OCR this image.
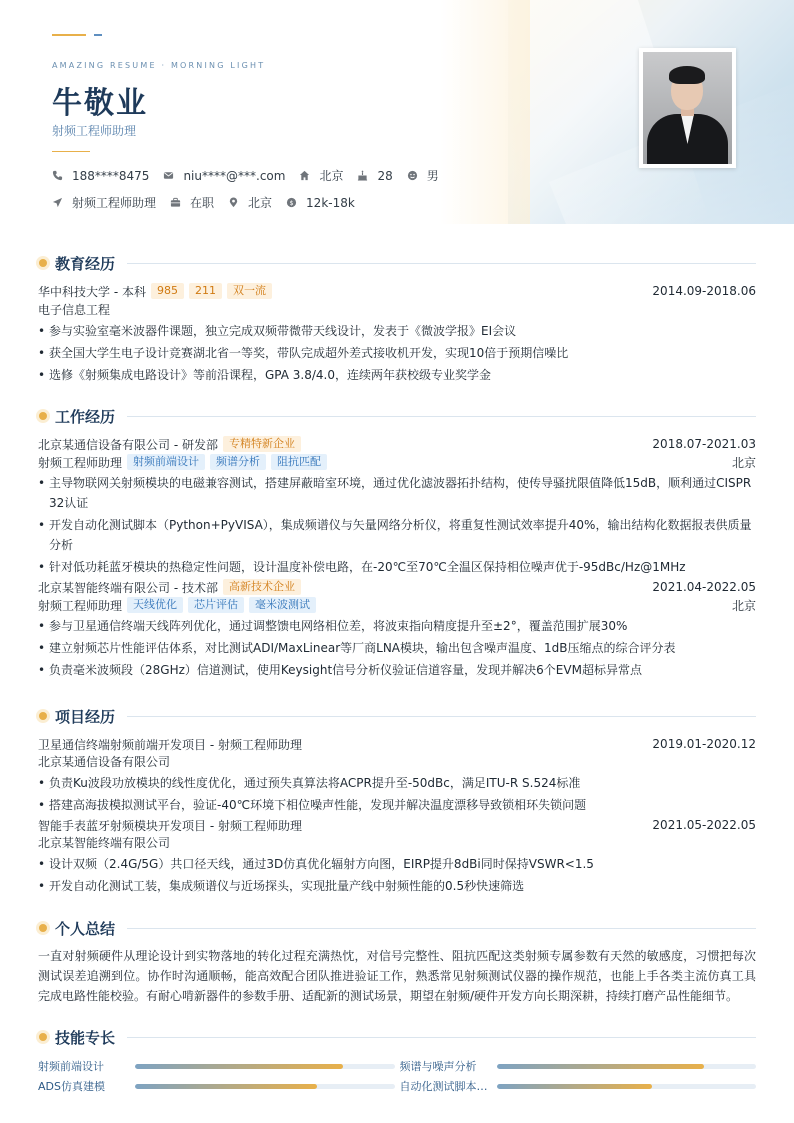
AMAZING RESUME · MORNING LIGHT
牛敬业
射频工程师助理
188****8475	niu****@***.com	北京	28	男
射频工程师助理	在职	北京 $ 12k-18k
教育经历
华中科技大学 - 本科	985	211	双一流	2014.09-2018.06
电子信息工程
• 参与实验室毫米波器件课题，独立完成双频带微带天线设计，发表于《微波学报》EI会议
• 获全国大学生电子设计竞赛湖北省一等奖，带队完成超外差式接收机开发，实现10倍于预期信噪比
• 选修《射频集成电路设计》等前沿课程，GPA 3.8/4.0，连续两年获校级专业奖学金
工作经历
北京某通信设备有限公司 - 研发部	专精特新企业	2018.07-2021.03
射频工程师助理	射频前端设计	频谱分析	阻抗匹配	北京
• 主导物联网关射频模块的电磁兼容测试，搭建屏蔽暗室环境，通过优化滤波器拓扑结构，使传导骚扰限值降低15dB，顺利通过CISPR 32认证
• 开发自动化测试脚本（Python+PyVISA），集成频谱仪与矢量网络分析仪，将重复性测试效率提升40%，输出结构化数据报表供质量分析
• 针对低功耗蓝牙模块的热稳定性问题，设计温度补偿电路，在-20℃至70℃全温区保持相位噪声优于-95dBc/Hz@1MHz
北京某智能终端有限公司 - 技术部	高新技术企业	2021.04-2022.05
射频工程师助理	天线优化	芯片评估	毫米波测试	北京
• 参与卫星通信终端天线阵列优化，通过调整馈电网络相位差，将波束指向精度提升至±2°，覆盖范围扩展30%
• 建立射频芯片性能评估体系，对比测试ADI/MaxLinear等厂商LNA模块，输出包含噪声温度、1dB压缩点的综合评分表
• 负责毫米波频段（28GHz）信道测试，使用Keysight信号分析仪验证信道容量，发现并解决6个EVM超标异常点
项目经历
卫星通信终端射频前端开发项目 - 射频工程师助理	2019.01-2020.12
北京某通信设备有限公司
• 负责Ku波段功放模块的线性度优化，通过预失真算法将ACPR提升至-50dBc，满足ITU-R S.524标准
• 搭建高海拔模拟测试平台，验证-40℃环境下相位噪声性能，发现并解决温度漂移导致锁相环失锁问题
智能手表蓝牙射频模块开发项目 - 射频工程师助理	2021.05-2022.05
北京某智能终端有限公司
• 设计双频（2.4G/5G）共口径天线，通过3D仿真优化辐射方向图，EIRP提升8dBi同时保持VSWR<1.5
• 开发自动化测试工装，集成频谱仪与近场探头，实现批量产线中射频性能的0.5秒快速筛选
个人总结
一直对射频硬件从理论设计到实物落地的转化过程充满热忱，对信号完整性、阻抗匹配这类射频专属参数有天然的敏感度，习惯把每次测试误差追溯到位。协作时沟通顺畅，能高效配合团队推进验证工作，熟悉常见射频测试仪器的操作规范，也能上手各类主流仿真工具完成电路性能校验。有耐心啃新器件的参数手册、适配新的测试场景，期望在射频/硬件开发方向长期深耕，持续打磨产品性能细节。
技能专长
射频前端设计	频谱与噪声分析
ADS仿真建模	自动化测试脚本…
